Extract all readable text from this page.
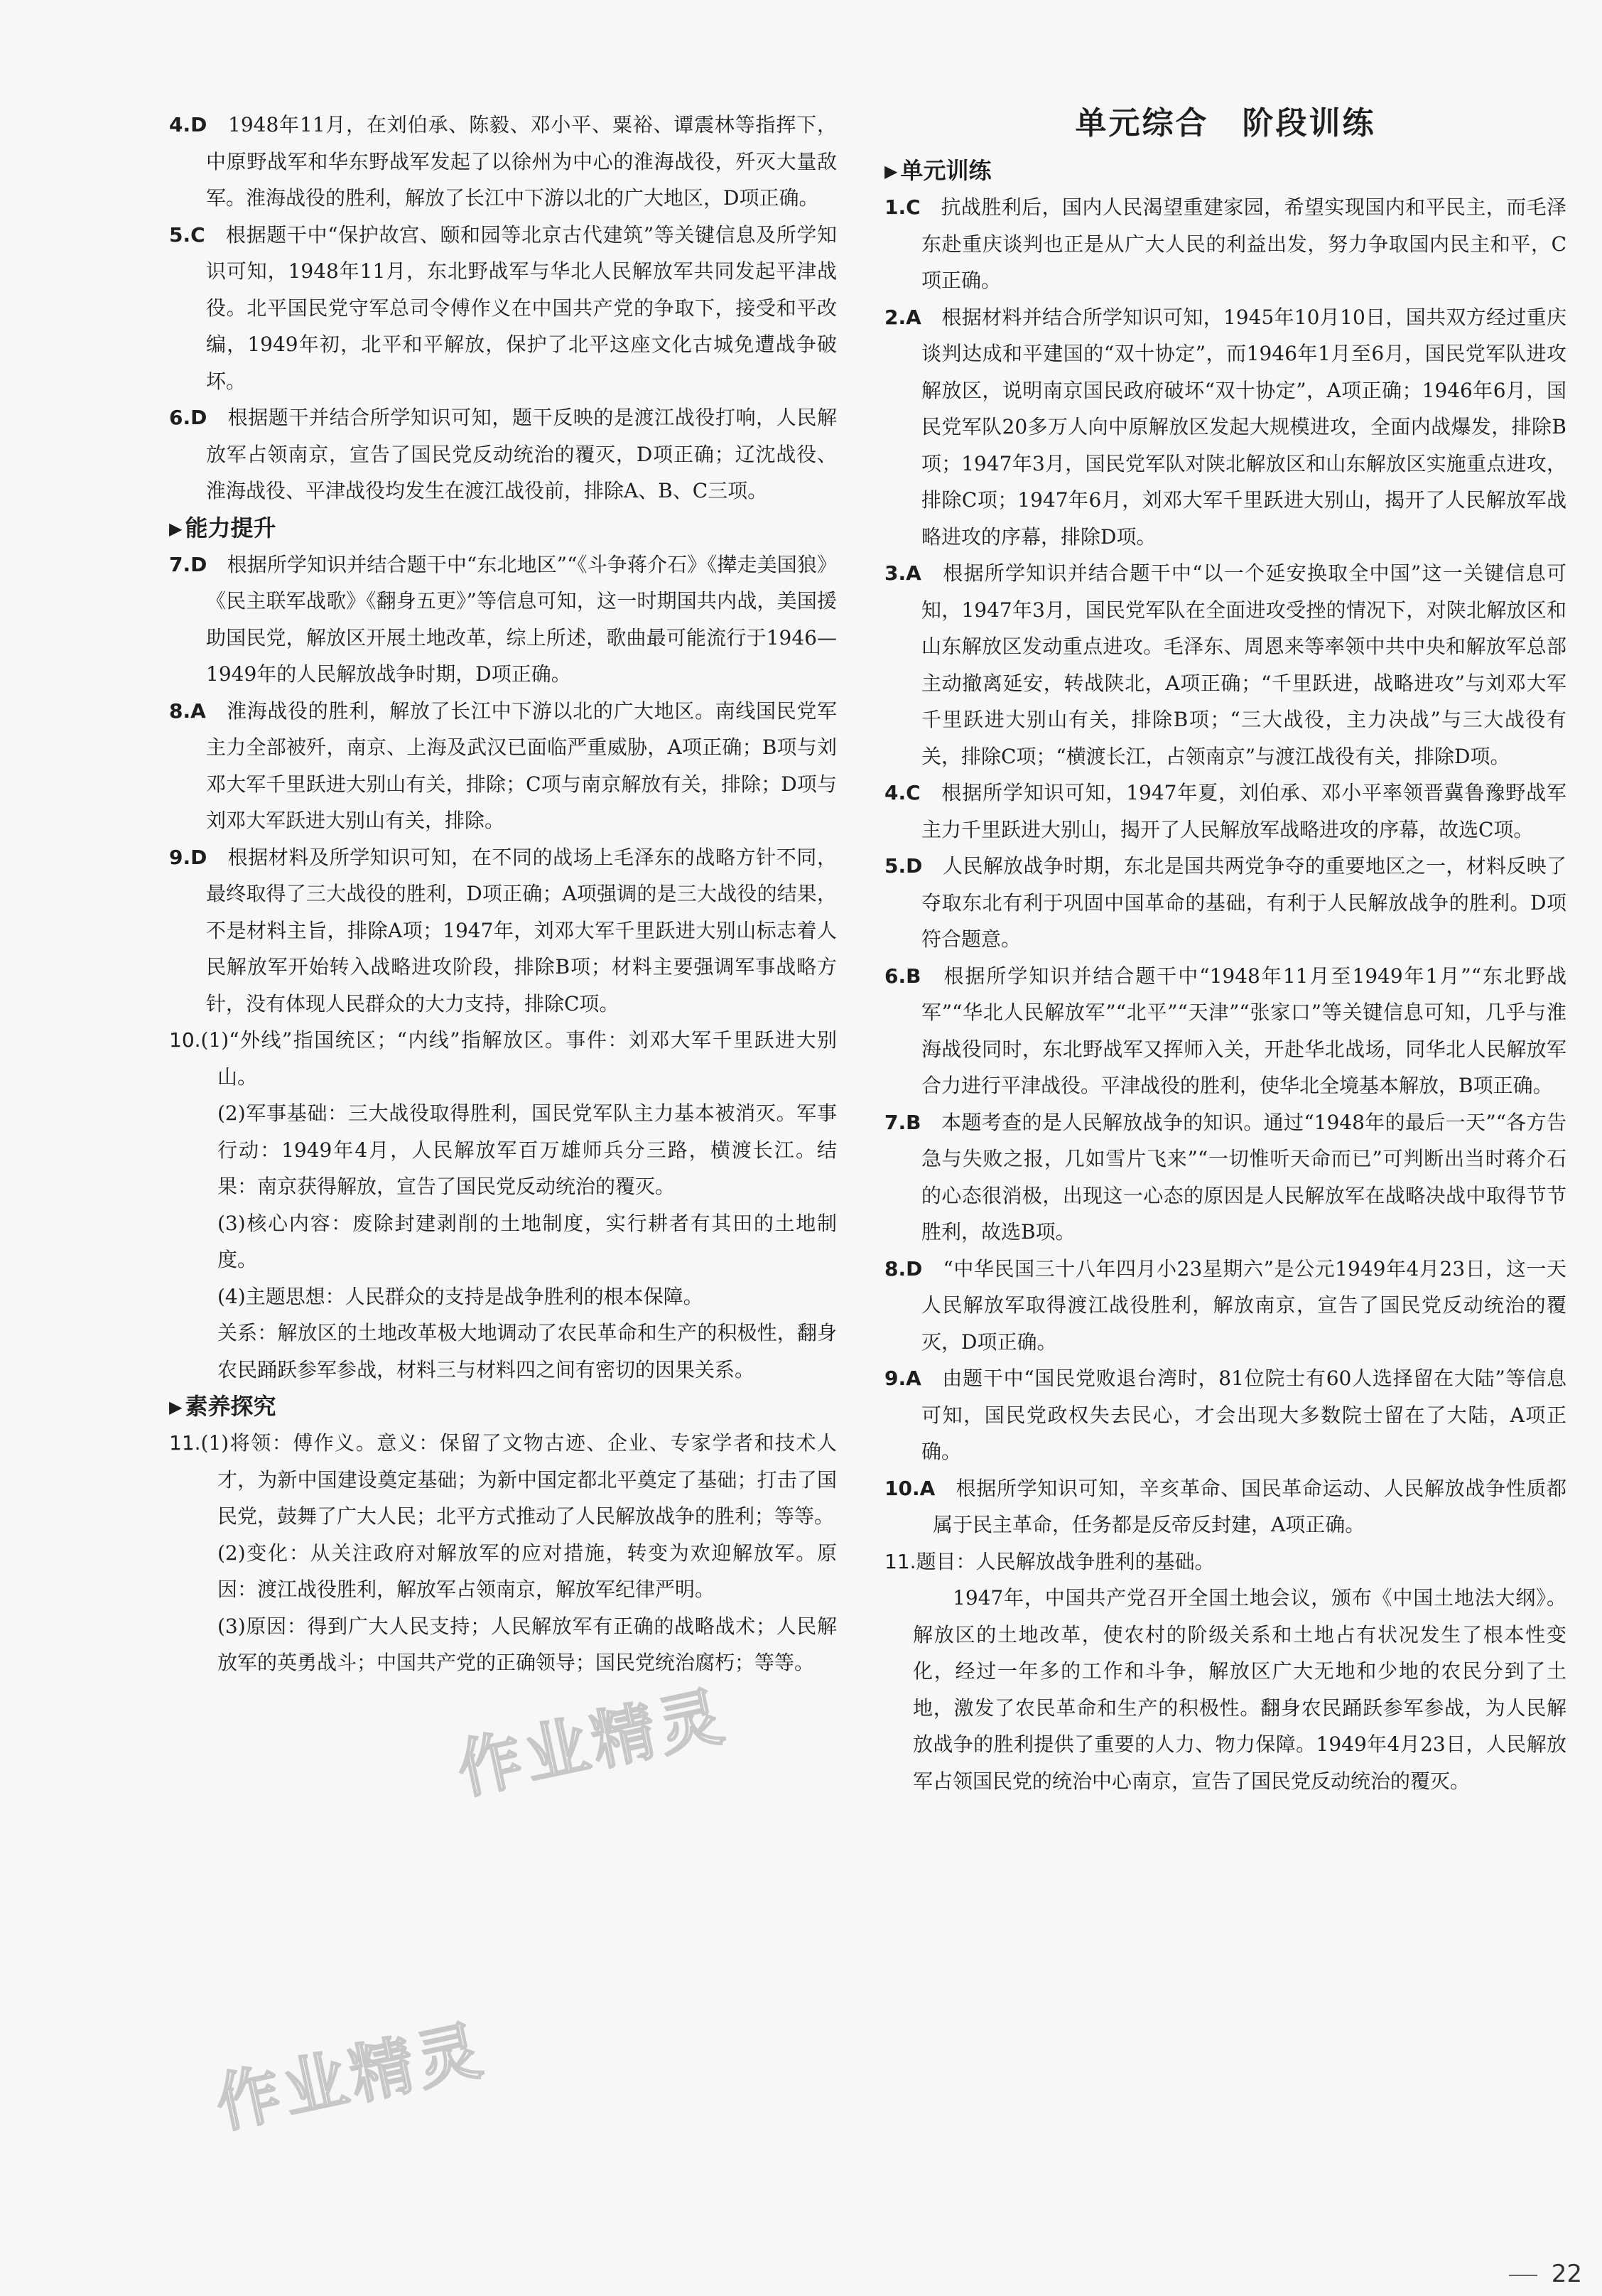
4.D　1948年11月，在刘伯承、陈毅、邓小平、粟裕、谭震林等指挥下，中原野战军和华东野战军发起了以徐州为中心的淮海战役，歼灭大量敌军。淮海战役的胜利，解放了长江中下游以北的广大地区，D项正确。

5.C　根据题干中“保护故宫、颐和园等北京古代建筑”等关键信息及所学知识可知，1948年11月，东北野战军与华北人民解放军共同发起平津战役。北平国民党守军总司令傅作义在中国共产党的争取下，接受和平改编，1949年初，北平和平解放，保护了北平这座文化古城免遭战争破坏。

6.D　根据题干并结合所学知识可知，题干反映的是渡江战役打响，人民解放军占领南京，宣告了国民党反动统治的覆灭，D项正确；辽沈战役、淮海战役、平津战役均发生在渡江战役前，排除A、B、C三项。

▶ 能力提升

7.D　根据所学知识并结合题干中“东北地区”“《斗争蒋介石》《撵走美国狼》《民主联军战歌》《翻身五更》”等信息可知，这一时期国共内战，美国援助国民党，解放区开展土地改革，综上所述，歌曲最可能流行于1946—1949年的人民解放战争时期，D项正确。

8.A　淮海战役的胜利，解放了长江中下游以北的广大地区。南线国民党军主力全部被歼，南京、上海及武汉已面临严重威胁，A项正确；B项与刘邓大军千里跃进大别山有关，排除；C项与南京解放有关，排除；D项与刘邓大军跃进大别山有关，排除。

9.D　根据材料及所学知识可知，在不同的战场上毛泽东的战略方针不同，最终取得了三大战役的胜利，D项正确；A项强调的是三大战役的结果，不是材料主旨，排除A项；1947年，刘邓大军千里跃进大别山标志着人民解放军开始转入战略进攻阶段，排除B项；材料主要强调军事战略方针，没有体现人民群众的大力支持，排除C项。

10.(1)“外线”指国统区；“内线”指解放区。事件：刘邓大军千里跃进大别山。

(2)军事基础：三大战役取得胜利，国民党军队主力基本被消灭。军事行动：1949年4月，人民解放军百万雄师兵分三路，横渡长江。结果：南京获得解放，宣告了国民党反动统治的覆灭。

(3)核心内容：废除封建剥削的土地制度，实行耕者有其田的土地制度。

(4)主题思想：人民群众的支持是战争胜利的根本保障。

关系：解放区的土地改革极大地调动了农民革命和生产的积极性，翻身农民踊跃参军参战，材料三与材料四之间有密切的因果关系。

▶ 素养探究

11.(1)将领：傅作义。意义：保留了文物古迹、企业、专家学者和技术人才，为新中国建设奠定基础；为新中国定都北平奠定了基础；打击了国民党，鼓舞了广大人民；北平方式推动了人民解放战争的胜利；等等。

(2)变化：从关注政府对解放军的应对措施，转变为欢迎解放军。原因：渡江战役胜利，解放军占领南京，解放军纪律严明。

(3)原因：得到广大人民支持；人民解放军有正确的战略战术；人民解放军的英勇战斗；中国共产党的正确领导；国民党统治腐朽；等等。

单元综合　阶段训练
▶ 单元训练

1.C　抗战胜利后，国内人民渴望重建家园，希望实现国内和平民主，而毛泽东赴重庆谈判也正是从广大人民的利益出发，努力争取国内民主和平，C项正确。

2.A　根据材料并结合所学知识可知，1945年10月10日，国共双方经过重庆谈判达成和平建国的“双十协定”，而1946年1月至6月，国民党军队进攻解放区，说明南京国民政府破坏“双十协定”，A项正确；1946年6月，国民党军队20多万人向中原解放区发起大规模进攻，全面内战爆发，排除B项；1947年3月，国民党军队对陕北解放区和山东解放区实施重点进攻，排除C项；1947年6月，刘邓大军千里跃进大别山，揭开了人民解放军战略进攻的序幕，排除D项。

3.A　根据所学知识并结合题干中“以一个延安换取全中国”这一关键信息可知，1947年3月，国民党军队在全面进攻受挫的情况下，对陕北解放区和山东解放区发动重点进攻。毛泽东、周恩来等率领中共中央和解放军总部主动撤离延安，转战陕北，A项正确；“千里跃进，战略进攻”与刘邓大军千里跃进大别山有关，排除B项；“三大战役，主力决战”与三大战役有关，排除C项；“横渡长江，占领南京”与渡江战役有关，排除D项。

4.C　根据所学知识可知，1947年夏，刘伯承、邓小平率领晋冀鲁豫野战军主力千里跃进大别山，揭开了人民解放军战略进攻的序幕，故选C项。

5.D　人民解放战争时期，东北是国共两党争夺的重要地区之一，材料反映了夺取东北有利于巩固中国革命的基础，有利于人民解放战争的胜利。D项符合题意。

6.B　根据所学知识并结合题干中“1948年11月至1949年1月”“东北野战军”“华北人民解放军”“北平”“天津”“张家口”等关键信息可知，几乎与淮海战役同时，东北野战军又挥师入关，开赴华北战场，同华北人民解放军合力进行平津战役。平津战役的胜利，使华北全境基本解放，B项正确。

7.B　本题考查的是人民解放战争的知识。通过“1948年的最后一天”“各方告急与失败之报，几如雪片飞来”“一切惟听天命而已”可判断出当时蒋介石的心态很消极，出现这一心态的原因是人民解放军在战略决战中取得节节胜利，故选B项。

8.D　“中华民国三十八年四月小23星期六”是公元1949年4月23日，这一天人民解放军取得渡江战役胜利，解放南京，宣告了国民党反动统治的覆灭，D项正确。

9.A　由题干中“国民党败退台湾时，81位院士有60人选择留在大陆”等信息可知，国民党政权失去民心，才会出现大多数院士留在了大陆，A项正确。

10.A　根据所学知识可知，辛亥革命、国民革命运动、人民解放战争性质都属于民主革命，任务都是反帝反封建，A项正确。

11.题目：人民解放战争胜利的基础。

1947年，中国共产党召开全国土地会议，颁布《中国土地法大纲》。解放区的土地改革，使农村的阶级关系和土地占有状况发生了根本性变化，经过一年多的工作和斗争，解放区广大无地和少地的农民分到了土地，激发了农民革命和生产的积极性。翻身农民踊跃参军参战，为人民解放战争的胜利提供了重要的人力、物力保障。1949年4月23日，人民解放军占领国民党的统治中心南京，宣告了国民党反动统治的覆灭。

作业精灵
作业精灵
22
